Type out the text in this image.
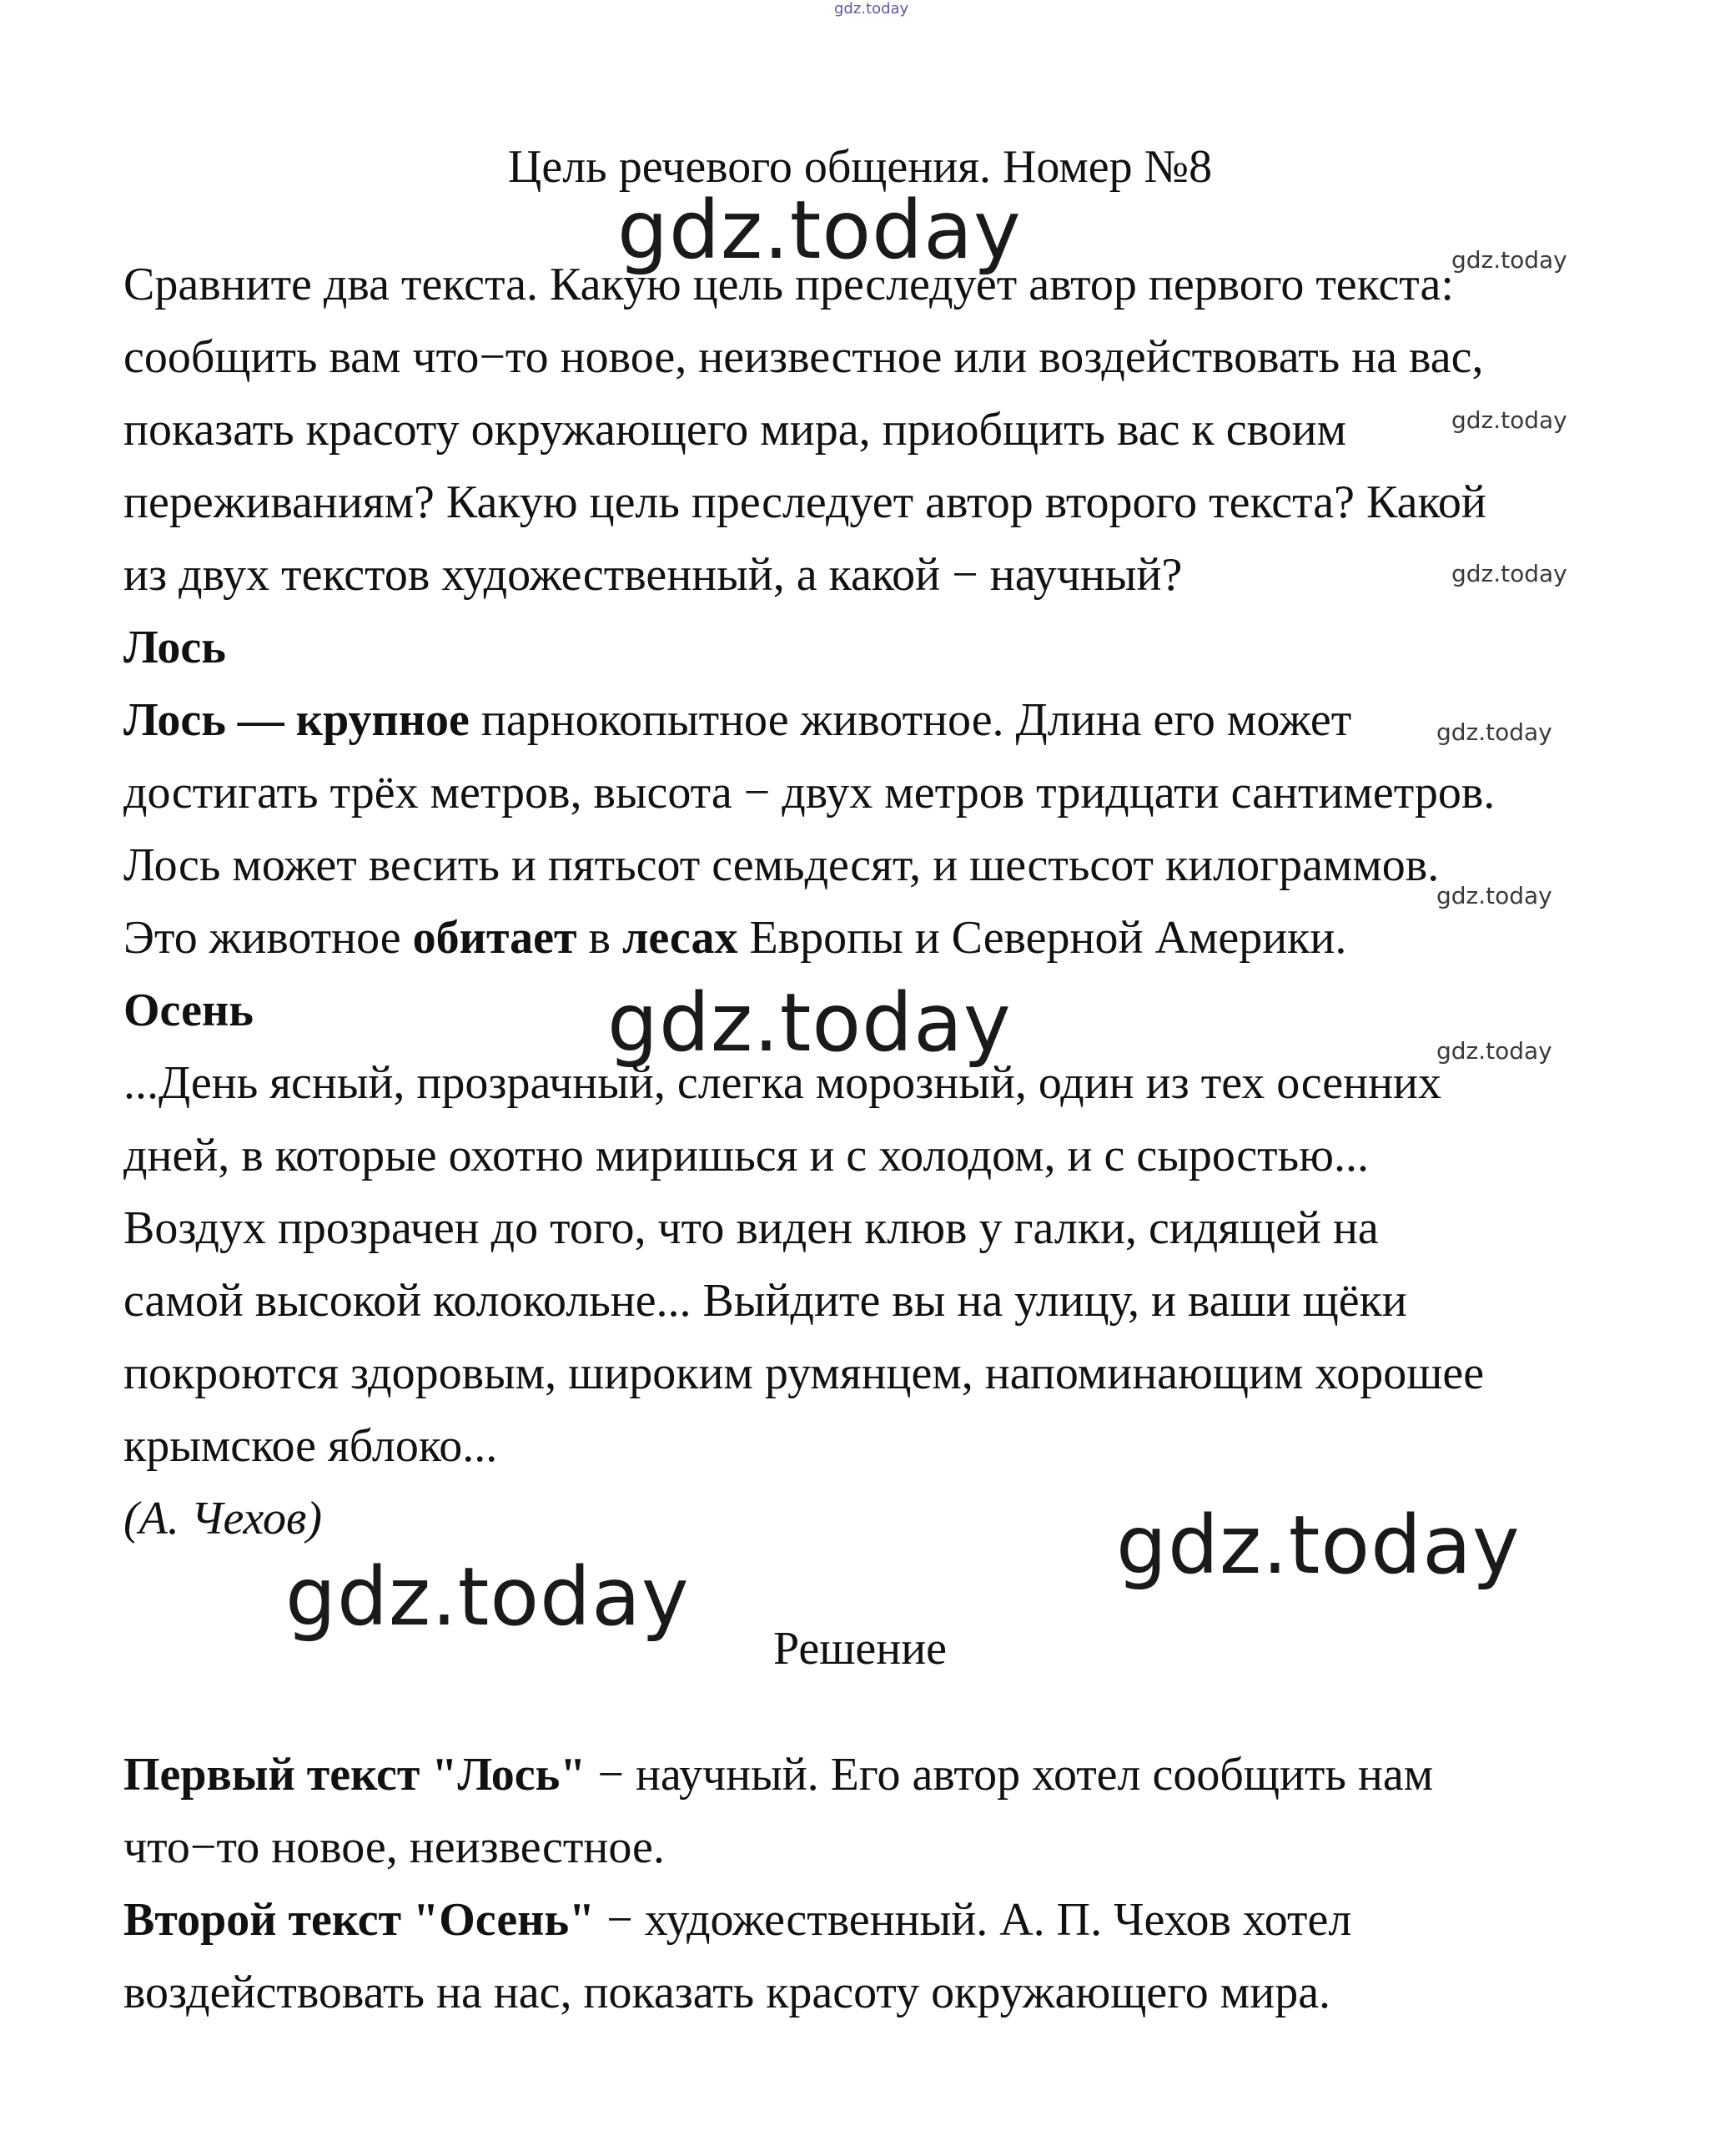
gdz.today
gdz.today	gdz.today
gdz.today
gdz.today
gdz.today
gdz.today
gdz.today	gdz.today
gdz.today
gdz.today
Цель речевого общения. Номер №8
Сравните два текста. Какую цель преследует автор первого текста:
сообщить вам что−то новое, неизвестное или воздействовать на вас,
показать красоту окружающего мира, приобщить вас к своим
переживаниям? Какую цель преследует автор второго текста? Какой
из двух текстов художественный, а какой − научный?
Лось
Лось — крупное парнокопытное животное. Длина его может
достигать трёх метров, высота − двух метров тридцати сантиметров.
Лось может весить и пятьсот семьдесят, и шестьсот килограммов.
Это животное обитает в лесах Европы и Северной Америки.
Осень
...День ясный, прозрачный, слегка морозный, один из тех осенних
дней, в которые охотно миришься и с холодом, и с сыростью...
Воздух прозрачен до того, что виден клюв у галки, сидящей на
самой высокой колокольне... Выйдите вы на улицу, и ваши щёки
покроются здоровым, широким румянцем, напоминающим хорошее
крымское яблоко...
(А. Чехов)
Решение
Первый текст "Лось" − научный. Его автор хотел сообщить нам
что−то новое, неизвестное.
Второй текст "Осень" − художественный. А. П. Чехов хотел
воздействовать на нас, показать красоту окружающего мира.
